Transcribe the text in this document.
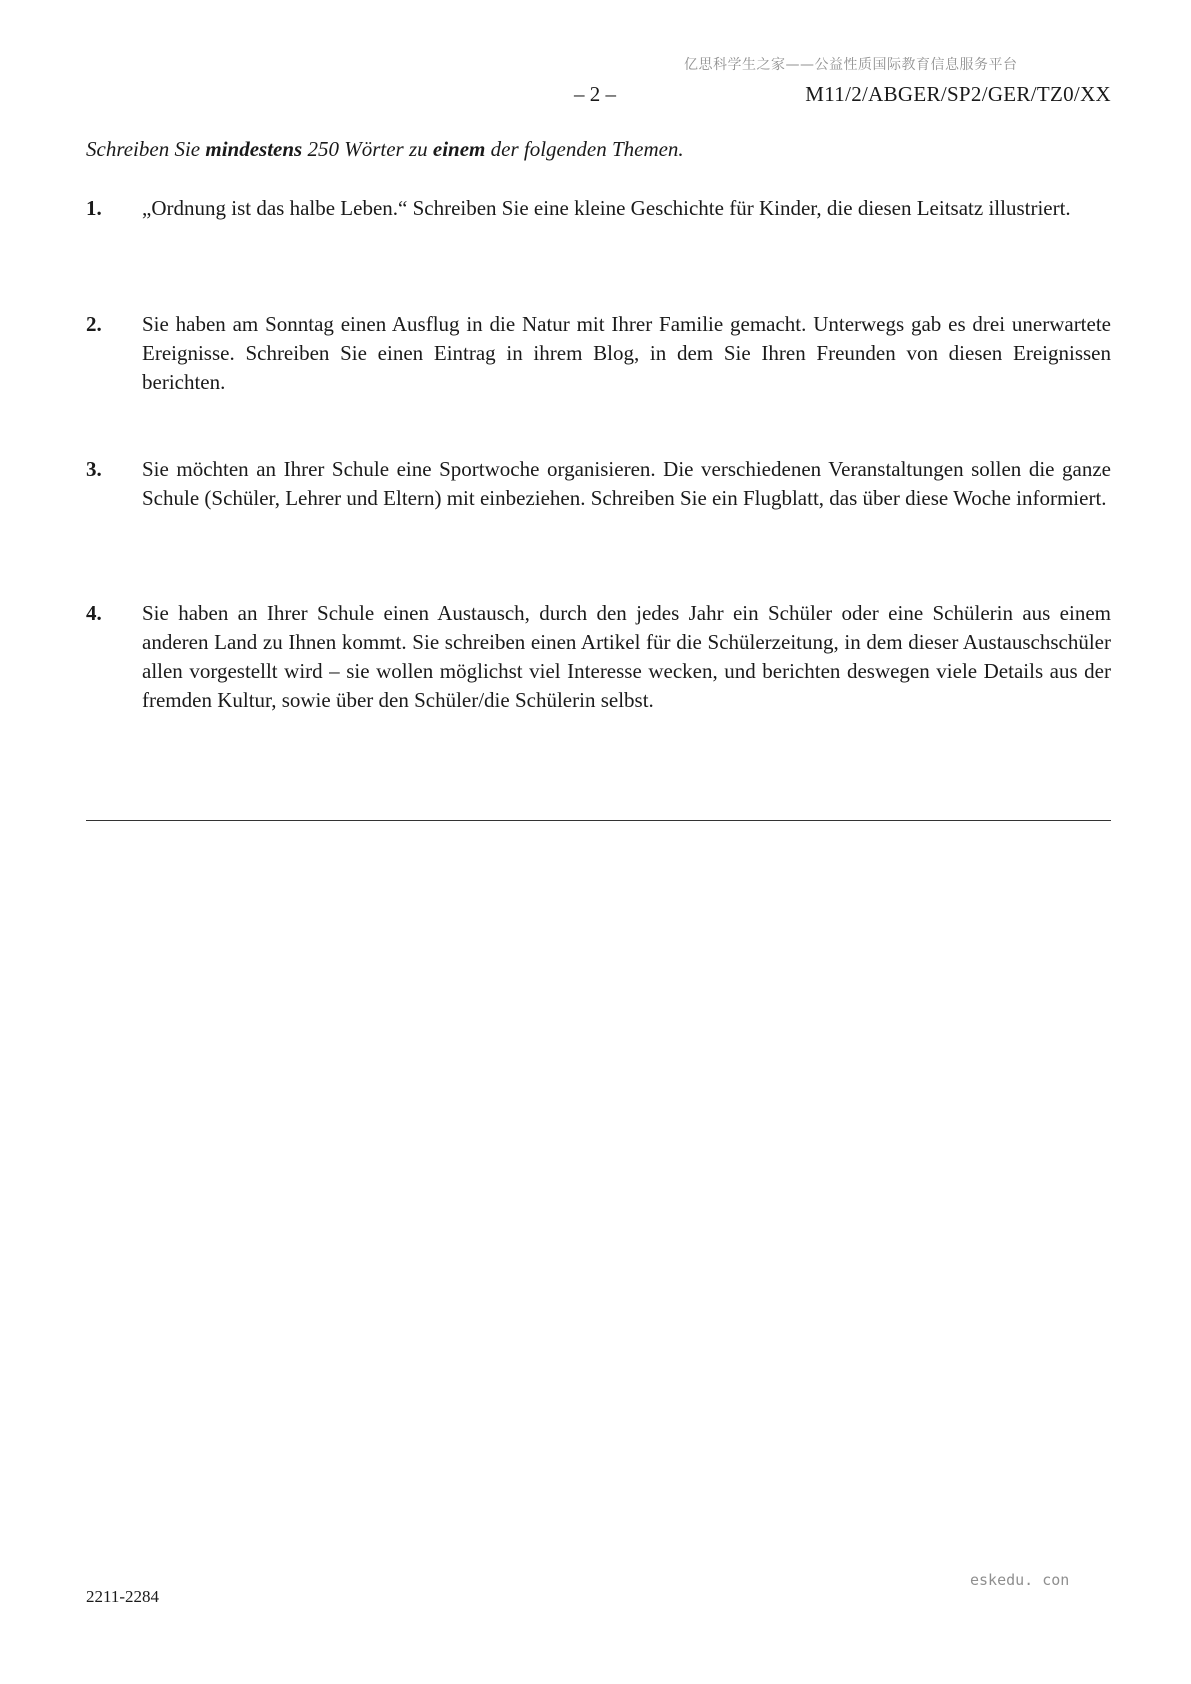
亿思科学生之家——公益性质国际教育信息服务平台
– 2 –	M11/2/ABGER/SP2/GER/TZ0/XX
Schreiben Sie mindestens 250 Wörter zu einem der folgenden Themen.
1.	„Ordnung ist das halbe Leben.“ Schreiben Sie eine kleine Geschichte für Kinder, die diesen Leitsatz illustriert.
2.	Sie haben am Sonntag einen Ausflug in die Natur mit Ihrer Familie gemacht. Unterwegs gab es drei unerwartete Ereignisse. Schreiben Sie einen Eintrag in ihrem Blog, in dem Sie Ihren Freunden von diesen Ereignissen berichten.
3.	Sie möchten an Ihrer Schule eine Sportwoche organisieren. Die verschiedenen Veranstaltungen sollen die ganze Schule (Schüler, Lehrer und Eltern) mit einbeziehen. Schreiben Sie ein Flugblatt, das über diese Woche informiert.
4.	Sie haben an Ihrer Schule einen Austausch, durch den jedes Jahr ein Schüler oder eine Schülerin aus einem anderen Land zu Ihnen kommt. Sie schreiben einen Artikel für die Schülerzeitung, in dem dieser Austauschschüler allen vorgestellt wird – sie wollen möglichst viel Interesse wecken, und berichten deswegen viele Details aus der fremden Kultur, sowie über den Schüler/die Schülerin selbst.
2211-2284
eskedu. con
